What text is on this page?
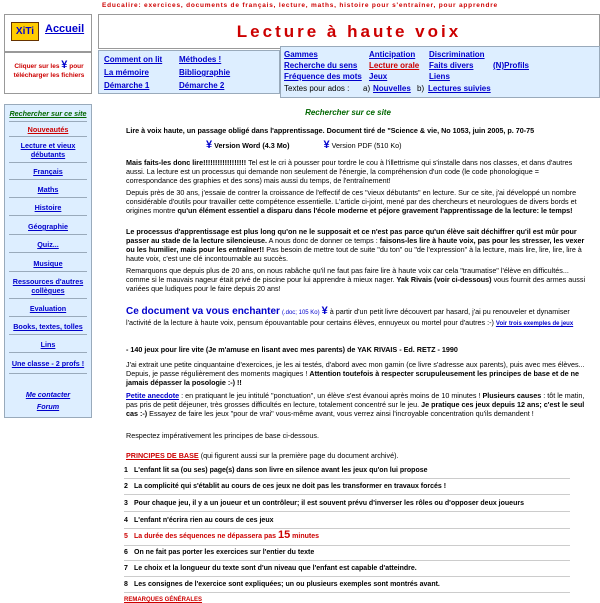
Educalire: exercices, documents de français, lecture, maths, histoire pour s'entraîner, pour apprendre
XiTi Accueil	Lecture à haute voix
Cliquer sur les ¥ pour télécharger les fichiers
Comment on lit Méthodes !
La mémoire	Bibliographie
Démarche 1	Démarche 2
Gammes	Anticipation Discrimination
Recherche du sens Lecture orale Faits divers (N)Profils
Fréquence des mots Jeux	Liens
Textes pour ados : a) Nouvelles b) Lectures suivies
Rechercher sur ce site
Nouveautés
Lecture et vieux débutants
Français
Maths
Histoire
Géographie
Quiz...
Musique
Ressources d'autres collègues
Evaluation
Books, textes, tolles
Lins
Une classe - 2 profs !
Me contacter
Forum
Rechercher sur ce site
Lire à voix haute, un passage obligé dans l'apprentissage. Document tiré de "Science & vie, No 1053, juin 2005, p. 70-75
¥ Version Word (4.3 Mo)	¥ Version PDF (510 Ko)
Mais faits-les donc lire!!!!!!!!!!!!!!!!!! Tel est le cri à pousser pour tordre le cou à l'illettrisme qui s'installe dans nos classes, et dans d'autres aussi. La lecture est un processus qui demande non seulement de l'énergie, la compréhension d'un code (le code phonologique = correspondance des graphies et des sons) mais aussi du temps, de l'entraînement!
Depuis près de 30 ans, j'essaie de contrer la croissance de l'effectif de ces "vieux débutants" en lecture. Sur ce site, j'ai développé un nombre considérable d'outils pour travailler cette compétence essentielle. L'article ci-joint, mené par des chercheurs et neurologues de divers bords et origines montre qu'un élément essentiel a disparu dans l'école moderne et péjore gravement l'apprentissage de la lecture: le temps!
Le processus d'apprentissage est plus long qu'on ne le supposait et ce n'est pas parce qu'un élève sait déchiffrer qu'il est mûr pour passer au stade de la lecture silencieuse. A nous donc de donner ce temps : faisons-les lire à haute voix, pas pour les stresser, les vexer ou les humilier, mais pour les entraîner!! Pas besoin de mettre tout de suite "du ton" ou "de l'expression" à la lecture, mais lire, lire, lire, lire à haute voix, c'est une clé incontournable au succès.
Remarquons que depuis plus de 20 ans, on nous rabâche qu'il ne faut pas faire lire à haute voix car cela "traumatise" l'élève en difficultés... comme si le mauvais nageur était privé de piscine pour lui apprendre à mieux nager. Yak Rivais (voir ci-dessous) vous fournit des armes aussi variées que ludiques pour le faire depuis 20 ans!
Ce document va vous enchanter (.doc; 105 Ko) ¥ à partir d'un petit livre découvert par hasard, j'ai pu renouveler et dynamiser l'activité de la lecture à haute voix, pensum épouvantable pour certains élèves, ennuyeux ou mortel pour d'autres :-) Voir trois exemples de jeux
- 140 jeux pour lire vite (Je m'amuse en lisant avec mes parents) de YAK RIVAIS - Ed. RETZ - 1990
J'ai extrait une petite cinquantaine d'exercices, je les ai testés, d'abord avec mon gamin (ce livre s'adresse aux parents), puis avec mes élèves... Depuis, je passe régulièrement des moments magiques ! Attention toutefois à respecter scrupuleusement les principes de base et de ne jamais dépasser la posologie :-) !!
Petite anecdote : en pratiquant le jeu intitulé "ponctuation", un élève s'est évanoui après moins de 10 minutes ! Plusieurs causes : tôt le matin, pas pris de petit déjeuner, très grosses difficultés en lecture, totalement concentré sur le jeu. Je pratique ces jeux depuis 12 ans; c'est le seul cas :-) Essayez de faire les jeux "pour de vrai" vous-même avant, vous verrez ainsi l'incroyable concentration qu'ils demandent !
Respectez impérativement les principes de base ci-dessous.
PRINCIPES DE BASE (qui figurent aussi sur la première page du document archivé).
1 L'enfant lit sa (ou ses) page(s) dans son livre en silence avant les jeux qu'on lui propose
2 La complicité qui s'établit au cours de ces jeux ne doit pas les transformer en travaux forcés !
3 Pour chaque jeu, il y a un joueur et un contrôleur; il est souvent prévu d'inverser les rôles ou d'opposer deux joueurs
4 L'enfant n'écrira rien au cours de ces jeux
5 La durée des séquences ne dépassera pas 15 minutes
6 On ne fait pas porter les exercices sur l'entier du texte
7 Le choix et la longueur du texte sont d'un niveau que l'enfant est capable d'atteindre.
8 Les consignes de l'exercice sont expliquées; un ou plusieurs exemples sont montrés avant.
REMARQUES GÉNÉRALES
